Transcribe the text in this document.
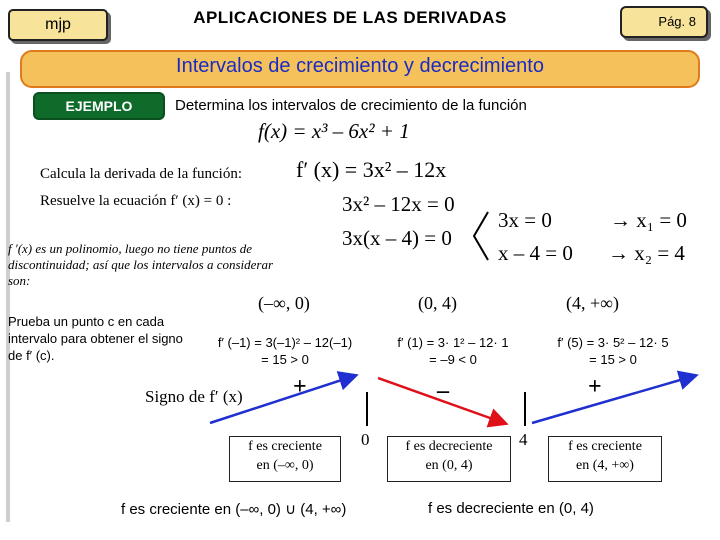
mjp	APLICACIONES DE LAS DERIVADAS	Pág. 8
Intervalos de crecimiento y decrecimiento
EJEMPLO	Determina los intervalos de crecimiento de la función
f(x) = x³ – 6x² + 1
Calcula la derivada de la función: f′ (x) = 3x² – 12x
Resuelve la ecuación f′ (x) = 0 :	3x² – 12x = 0
3x(x – 4) = 0
3x = 0
x – 4 = 0
→ x₁ = 0
→ x₂ = 4
f ′(x) es un polinomio, luego no tiene puntos de discontinuidad; así que los intervalos a considerar son:
Prueba un punto c en cada intervalo para obtener el signo de f′ (c).
(–∞, 0)	(0, 4)	(4, +∞)
f′ (–1) = 3(–1)² – 12(–1)
= 15 > 0
f′ (1) = 3· 1² – 12· 1
= –9 < 0
f′ (5) = 3· 5² – 12· 5
= 15 > 0
Signo de f′ (x) +	–	+
0	4
f es creciente
en (–∞, 0)
f es decreciente
en (0, 4)
f es creciente
en (4, +∞)
f es creciente en (–∞, 0) ∪ (4, +∞)	f es decreciente en (0, 4)
